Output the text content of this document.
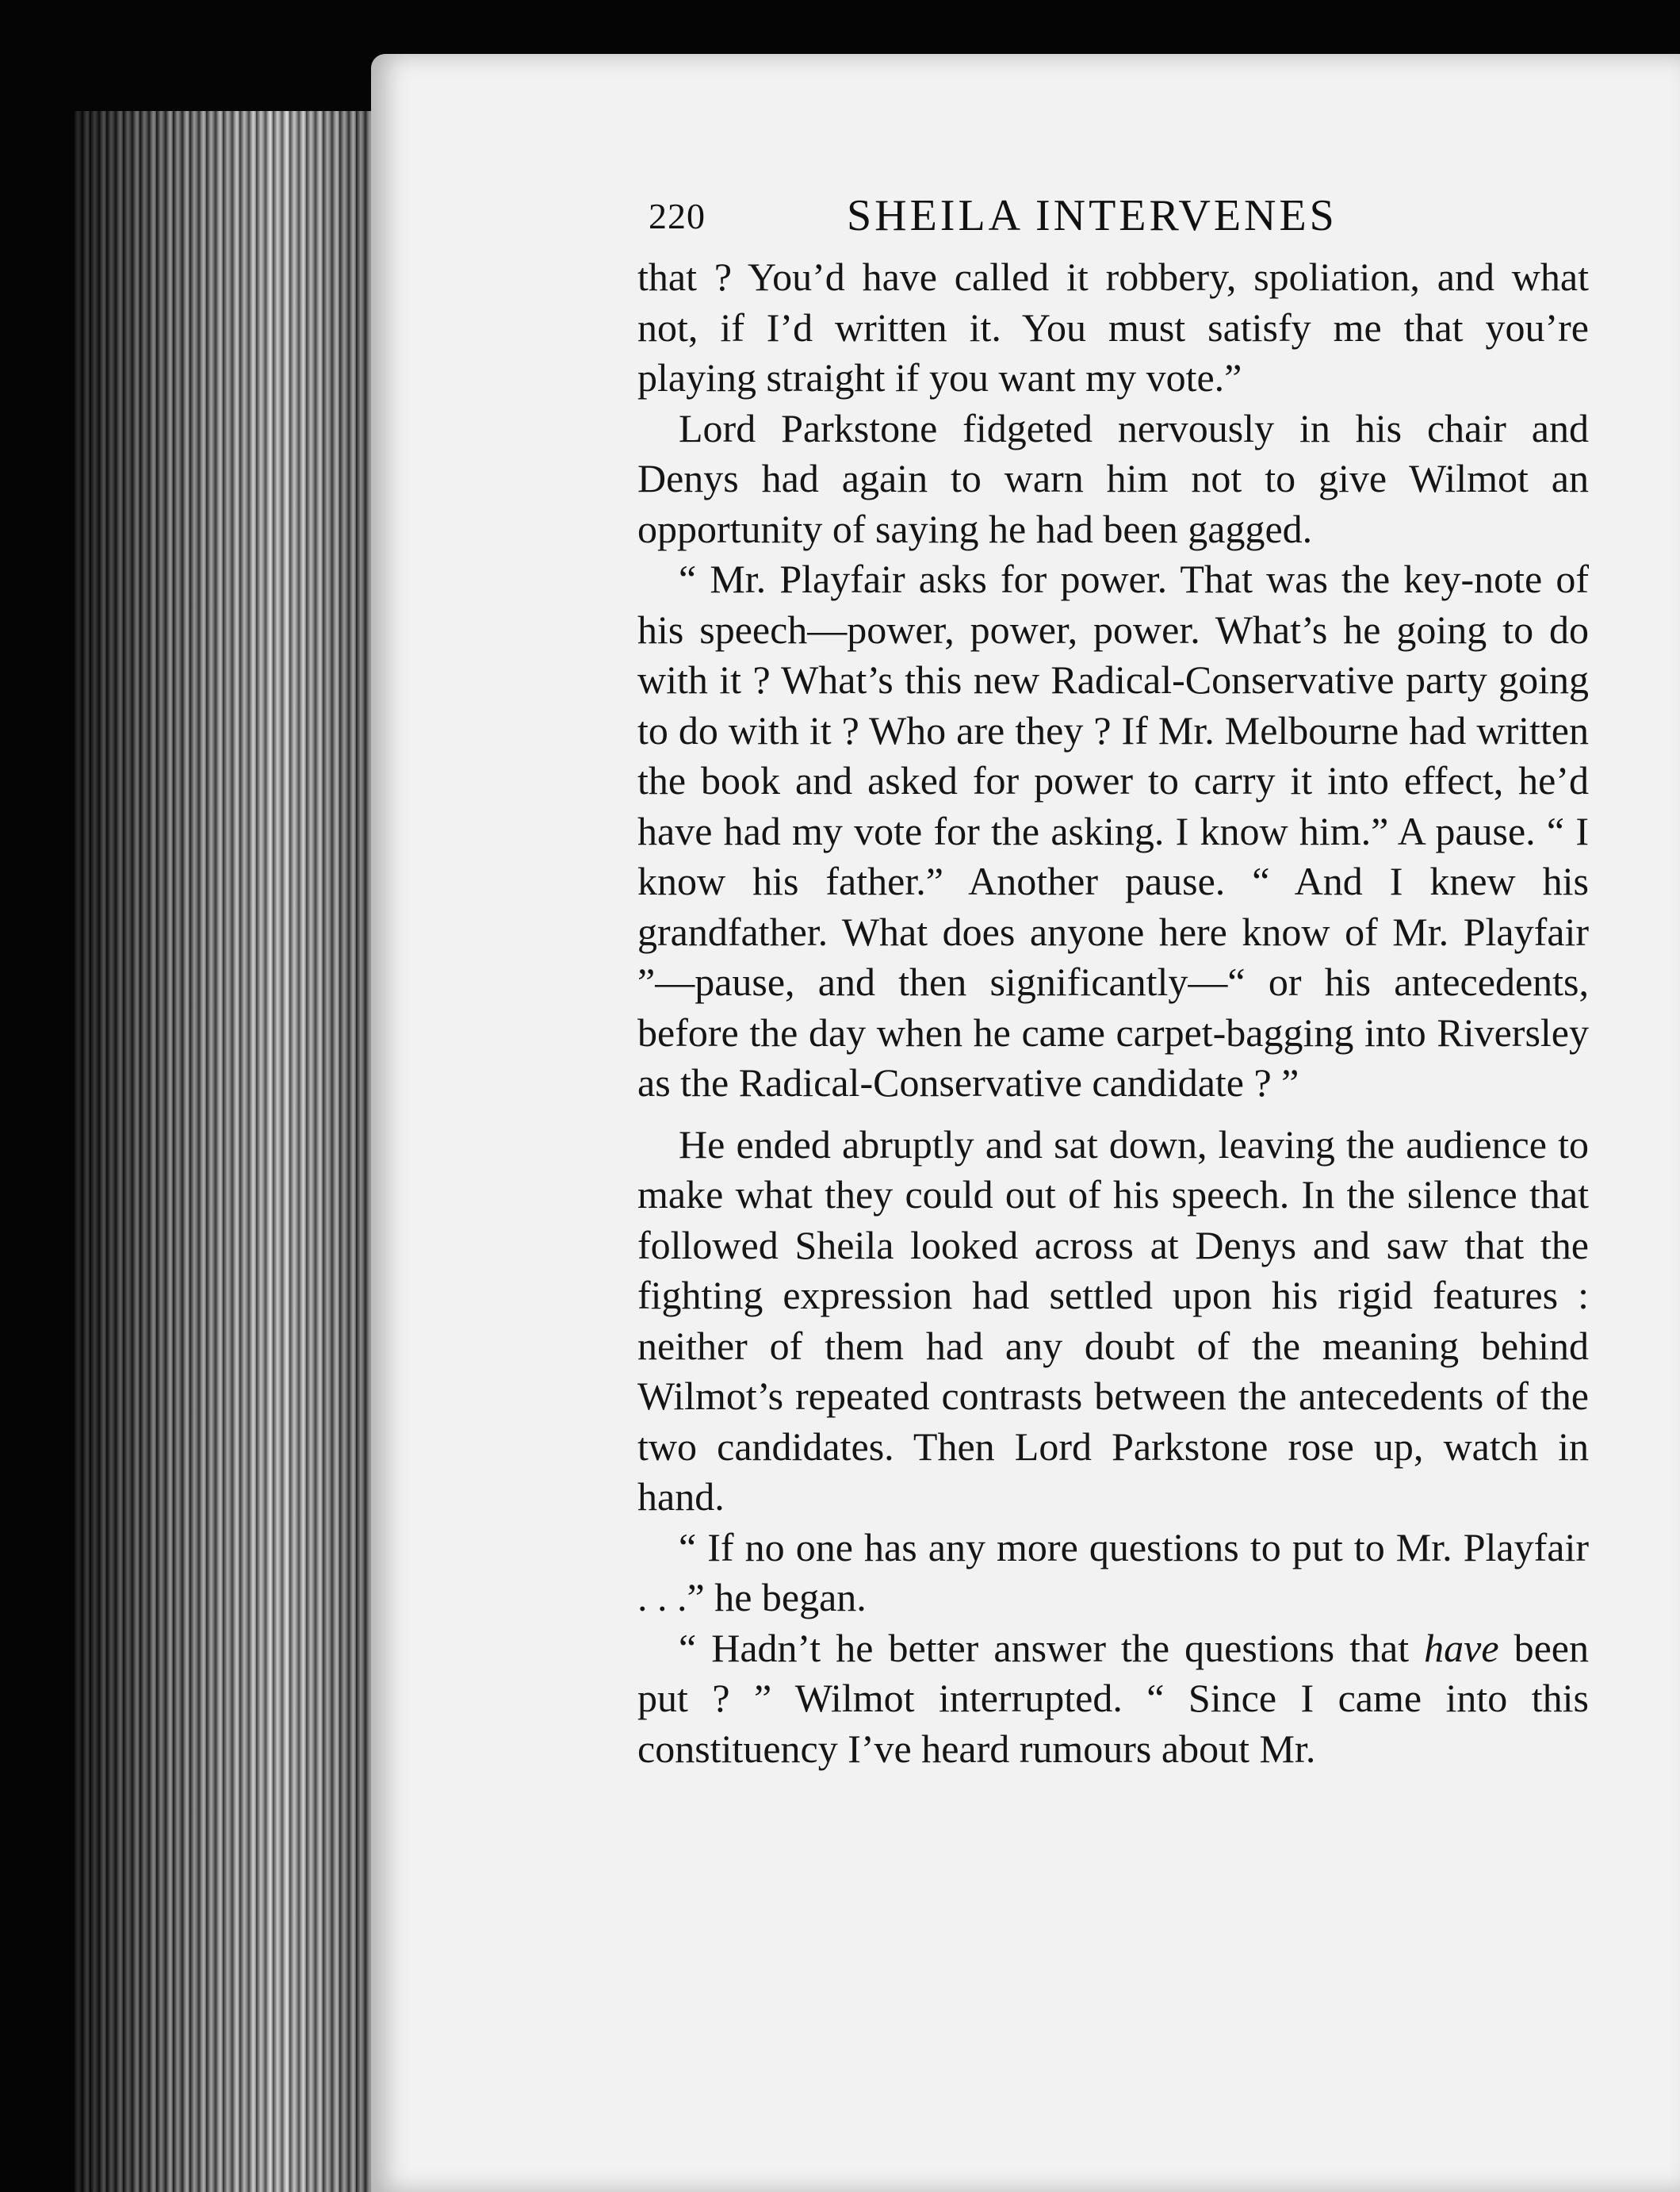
220	SHEILA INTERVENES

that ? You’d have called it robbery, spoliation, and what not, if I’d written it. You must satisfy me that you’re playing straight if you want my vote.”

Lord Parkstone fidgeted nervously in his chair and Denys had again to warn him not to give Wilmot an opportunity of saying he had been gagged.

“ Mr. Playfair asks for power. That was the key-note of his speech—power, power, power. What’s he going to do with it ? What’s this new Radical-Conservative party going to do with it ? Who are they ? If Mr. Melbourne had written the book and asked for power to carry it into effect, he’d have had my vote for the asking. I know him.” A pause. “ I know his father.” Another pause. “ And I knew his grandfather. What does anyone here know of Mr. Playfair ”—pause, and then significantly—“ or his antecedents, before the day when he came carpet-bagging into Riversley as the Radical-Conservative candidate ? ”

He ended abruptly and sat down, leaving the audience to make what they could out of his speech. In the silence that followed Sheila looked across at Denys and saw that the fighting expression had settled upon his rigid features : neither of them had any doubt of the meaning behind Wilmot’s repeated contrasts between the antecedents of the two candidates. Then Lord Parkstone rose up, watch in hand.

“ If no one has any more questions to put to Mr. Playfair . . .” he began.

“ Hadn’t he better answer the questions that have been put ? ” Wilmot interrupted. “ Since I came into this constituency I’ve heard rumours about Mr.
